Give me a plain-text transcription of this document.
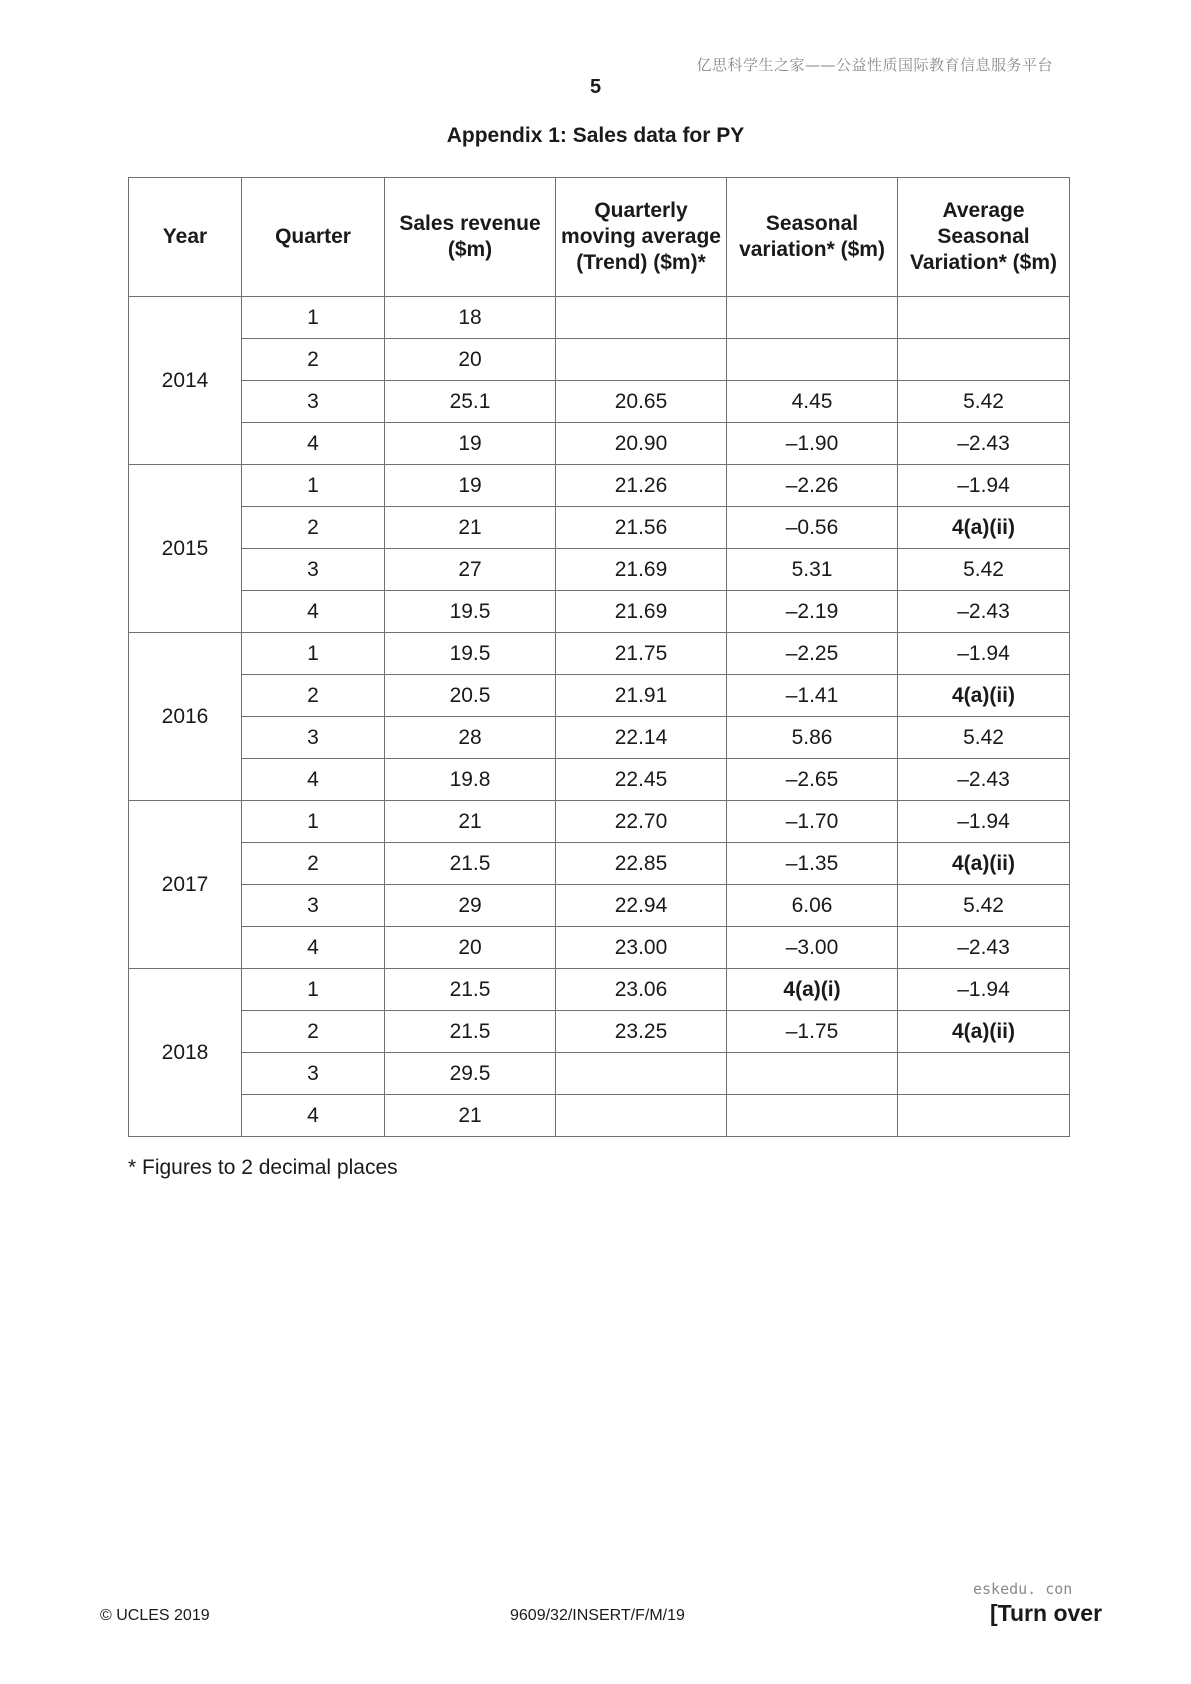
亿思科学生之家——公益性质国际教育信息服务平台
5
Appendix 1: Sales data for PY
Year	Quarter	Sales revenue ($m)	Quarterly moving average (Trend) ($m)*	Seasonal variation* ($m)	Average Seasonal Variation* ($m)
2014	1	18			
	2	20			
	3	25.1	20.65	4.45	5.42
	4	19	20.90	–1.90	–2.43
2015	1	19	21.26	–2.26	–1.94
	2	21	21.56	–0.56	4(a)(ii)
	3	27	21.69	5.31	5.42
	4	19.5	21.69	–2.19	–2.43
2016	1	19.5	21.75	–2.25	–1.94
	2	20.5	21.91	–1.41	4(a)(ii)
	3	28	22.14	5.86	5.42
	4	19.8	22.45	–2.65	–2.43
2017	1	21	22.70	–1.70	–1.94
	2	21.5	22.85	–1.35	4(a)(ii)
	3	29	22.94	6.06	5.42
	4	20	23.00	–3.00	–2.43
2018	1	21.5	23.06	4(a)(i)	–1.94
	2	21.5	23.25	–1.75	4(a)(ii)
	3	29.5			
	4	21			
* Figures to 2 decimal places
© UCLES 2019	9609/32/INSERT/F/M/19
eskedu. con
[Turn over
